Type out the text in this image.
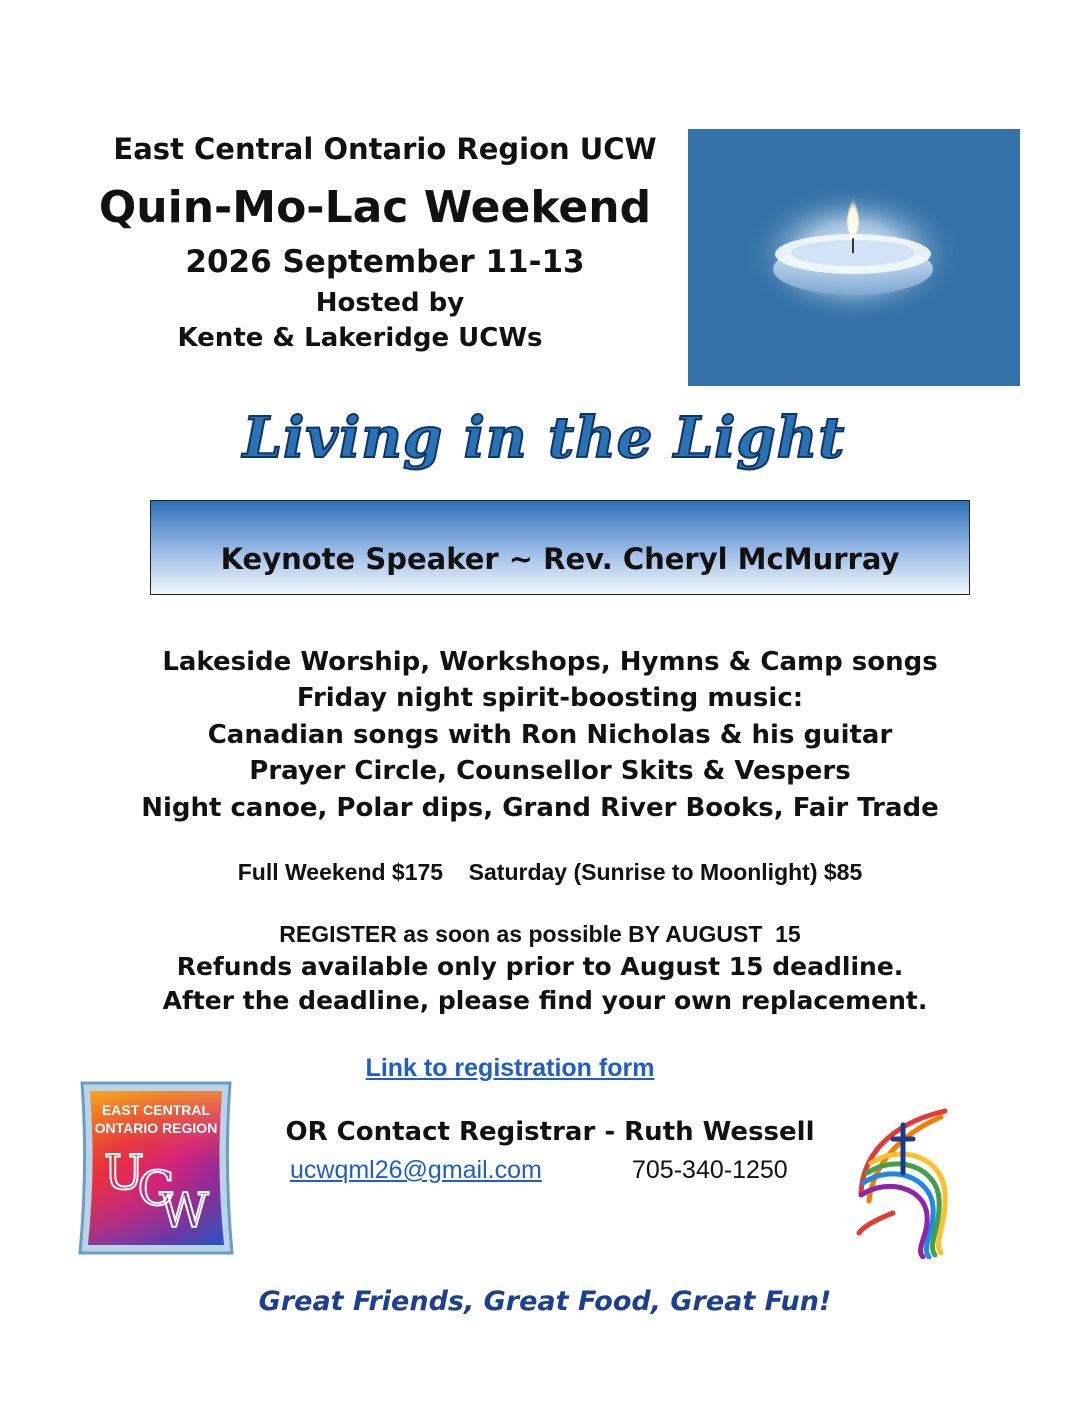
East Central Ontario Region UCW
Quin-Mo-Lac Weekend
2026 September 11-13
Hosted by
Kente & Lakeridge UCWs
Living in the Light
Keynote Speaker ~ Rev. Cheryl McMurray
Lakeside Worship, Workshops, Hymns & Camp songs
Friday night spirit-boosting music:
Canadian songs with Ron Nicholas & his guitar
Prayer Circle, Counsellor Skits & Vespers
Night canoe, Polar dips, Grand River Books, Fair Trade
Full Weekend $175    Saturday (Sunrise to Moonlight) $85
REGISTER as soon as possible BY AUGUST  15
Refunds available only prior to August 15 deadline.
After the deadline, please find your own replacement.
Link to registration form
EAST CENTRAL
ONTARIO REGION
U
C
W
OR Contact Registrar - Ruth Wessell
ucwqml26@gmail.com	705-340-1250
Great Friends, Great Food, Great Fun!
